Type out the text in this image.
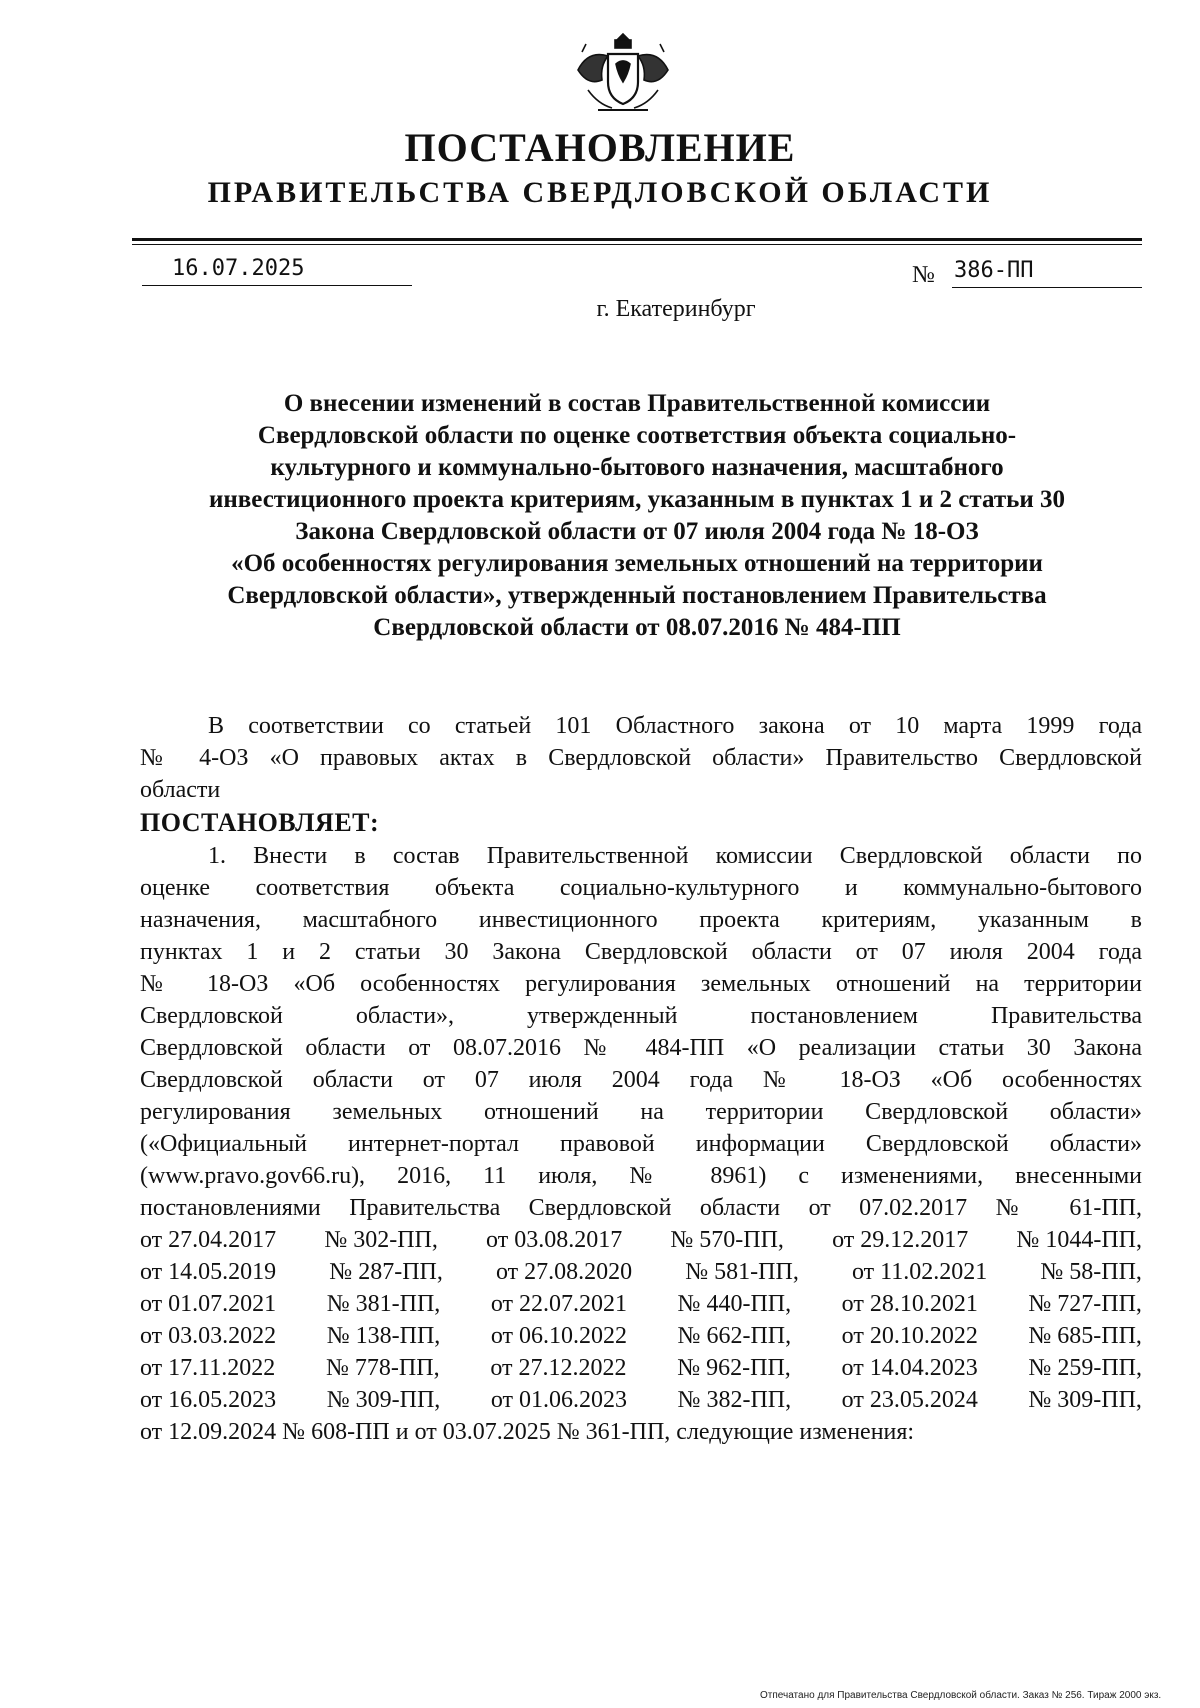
ПОСТАНОВЛЕНИЕ
ПРАВИТЕЛЬСТВА СВЕРДЛОВСКОЙ ОБЛАСТИ
16.07.2025	№ 386-ПП
г. Екатеринбург
О внесении изменений в состав Правительственной комиссии
Свердловской области по оценке соответствия объекта социально-
культурного и коммунально-бытового назначения, масштабного
инвестиционного проекта критериям, указанным в пунктах 1 и 2 статьи 30
Закона Свердловской области от 07 июля 2004 года № 18-ОЗ
«Об особенностях регулирования земельных отношений на территории
Свердловской области», утвержденный постановлением Правительства
Свердловской области от 08.07.2016 № 484-ПП
В соответствии со статьей 101 Областного закона от 10 марта 1999 года
№ 4-ОЗ «О правовых актах в Свердловской области» Правительство Свердловской
области
ПОСТАНОВЛЯЕТ:
1. Внести в состав Правительственной комиссии Свердловской области по
оценке соответствия объекта социально-культурного и коммунально-бытового
назначения, масштабного инвестиционного проекта критериям, указанным в
пунктах 1 и 2 статьи 30 Закона Свердловской области от 07 июля 2004 года
№ 18-ОЗ «Об особенностях регулирования земельных отношений на территории
Свердловской области», утвержденный постановлением Правительства
Свердловской области от 08.07.2016 № 484-ПП «О реализации статьи 30 Закона
Свердловской области от 07 июля 2004 года № 18-ОЗ «Об особенностях
регулирования земельных отношений на территории Свердловской области»
(«Официальный интернет-портал правовой информации Свердловской области»
(www.pravo.gov66.ru), 2016, 11 июля, № 8961) с изменениями, внесенными
постановлениями Правительства Свердловской области от 07.02.2017 № 61-ПП,
от 27.04.2017 № 302-ПП, от 03.08.2017 № 570-ПП, от 29.12.2017 № 1044-ПП,
от 14.05.2019 № 287-ПП, от 27.08.2020 № 581-ПП, от 11.02.2021 № 58-ПП,
от 01.07.2021 № 381-ПП, от 22.07.2021 № 440-ПП, от 28.10.2021 № 727-ПП,
от 03.03.2022 № 138-ПП, от 06.10.2022 № 662-ПП, от 20.10.2022 № 685-ПП,
от 17.11.2022 № 778-ПП, от 27.12.2022 № 962-ПП, от 14.04.2023 № 259-ПП,
от 16.05.2023 № 309-ПП, от 01.06.2023 № 382-ПП, от 23.05.2024 № 309-ПП,
от 12.09.2024 № 608-ПП и от 03.07.2025 № 361-ПП, следующие изменения:
Отпечатано для Правительства Свердловской области. Заказ № 256. Тираж 2000 экз.
